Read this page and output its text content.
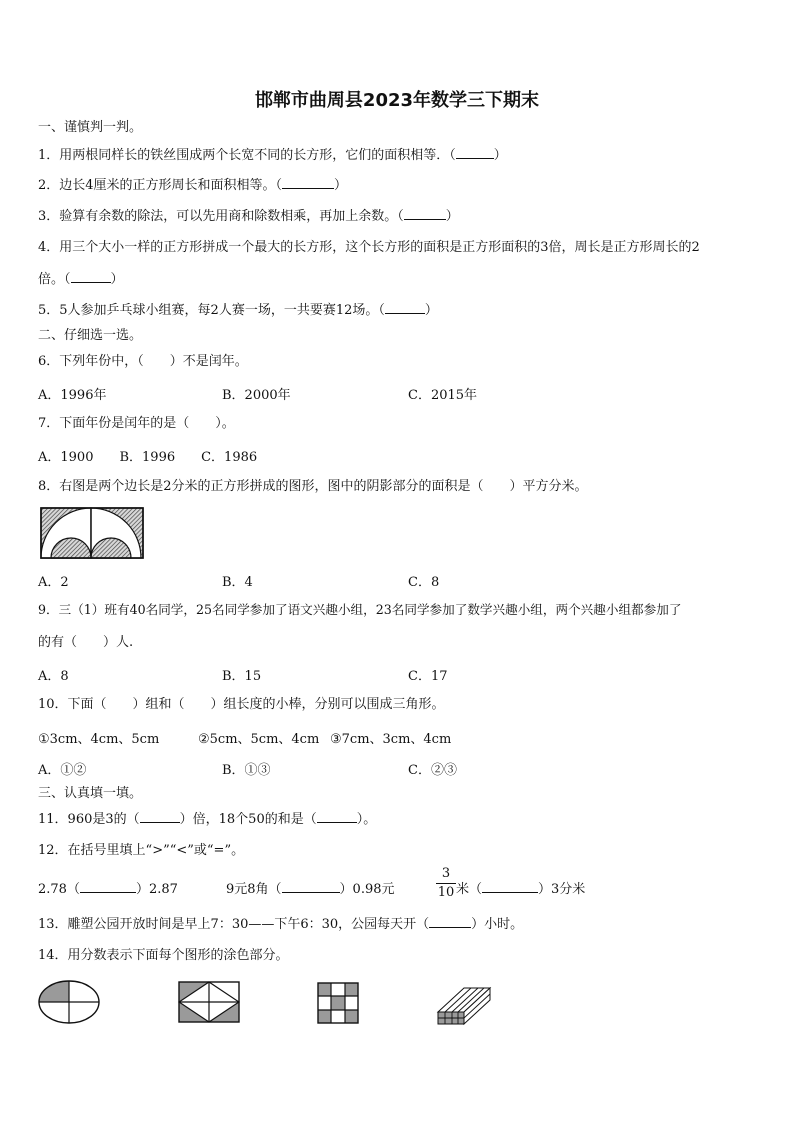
邯郸市曲周县2023年数学三下期末
一、谨慎判一判。
1．用两根同样长的铁丝围成两个长宽不同的长方形，它们的面积相等．（	）
2．边长4厘米的正方形周长和面积相等。（	）
3．验算有余数的除法，可以先用商和除数相乘，再加上余数。（	）
4．用三个大小一样的正方形拼成一个最大的长方形，这个长方形的面积是正方形面积的3倍，周长是正方形周长的2
倍。（	）
5．5人参加乒乓球小组赛，每2人赛一场，一共要赛12场。（	）
二、仔细选一选。
6．下列年份中，（　　）不是闰年。
A．1996年	B．2000年	C．2015年
7．下面年份是闰年的是（　　）。
A．1900　　B．1996　　C．1986
8．右图是两个边长是2分米的正方形拼成的图形，图中的阴影部分的面积是（　　）平方分米。
A．2	B．4	C．8
9．三（1）班有40名同学，25名同学参加了语文兴趣小组，23名同学参加了数学兴趣小组，两个兴趣小组都参加了
的有（　　）人.
A．8	B．15	C．17
10．下面（　　）组和（　　）组长度的小棒，分别可以围成三角形。
①3cm、4cm、5cm	②5cm、5cm、4cm ③7cm、3cm、4cm
A．①②	B．①③	C．②③
三、认真填一填。
11．960是3的（	）倍，18个50的和是（	）。
12．在括号里填上“>”“<”或“=”。
2.78（	）2.87	9元8角（	）0.98元
3
10 米（	）3分米
13．雕塑公园开放时间是早上7：30——下午6：30，公园每天开（	）小时。
14．用分数表示下面每个图形的涂色部分。
